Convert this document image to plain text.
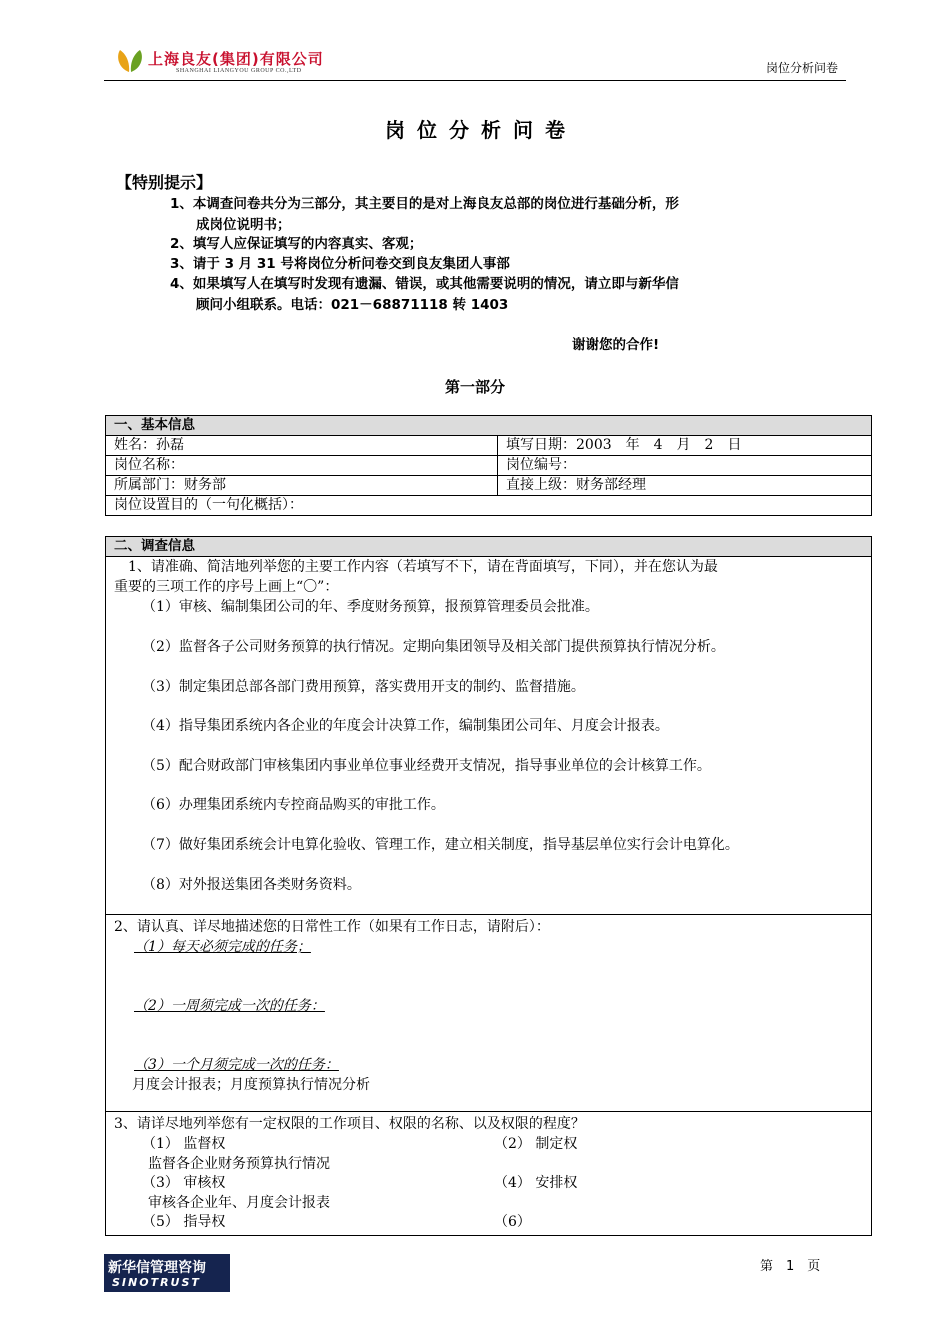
上海良友(集团)有限公司
SHANGHAI LIANGYOU GROUP CO.,LTD	岗位分析问卷
岗位分析问卷
【特别提示】
1、本调查问卷共分为三部分，其主要目的是对上海良友总部的岗位进行基础分析，形
成岗位说明书；
2、填写人应保证填写的内容真实、客观；
3、请于 3 月 31 号将岗位分析问卷交到良友集团人事部
4、如果填写人在填写时发现有遗漏、错误，或其他需要说明的情况，请立即与新华信
顾问小组联系。电话：021－68871118 转 1403
谢谢您的合作!
第一部分
一、基本信息
姓名：孙磊	填写日期：2003　年　4　月　2　日
岗位名称：	岗位编号：
所属部门：财务部	直接上级：财务部经理
岗位设置目的（一句化概括）：
二、调查信息
　1、请准确、简洁地列举您的主要工作内容（若填写不下，请在背面填写，下同），并在您认为最
重要的三项工作的序号上画上“〇”：
（1）审核、编制集团公司的年、季度财务预算，报预算管理委员会批准。
（2）监督各子公司财务预算的执行情况。定期向集团领导及相关部门提供预算执行情况分析。
（3）制定集团总部各部门费用预算，落实费用开支的制约、监督措施。
（4）指导集团系统内各企业的年度会计决算工作，编制集团公司年、月度会计报表。
（5）配合财政部门审核集团内事业单位事业经费开支情况，指导事业单位的会计核算工作。
（6）办理集团系统内专控商品购买的审批工作。
（7）做好集团系统会计电算化验收、管理工作，建立相关制度，指导基层单位实行会计电算化。
（8）对外报送集团各类财务资料。
2、请认真、详尽地描述您的日常性工作（如果有工作日志，请附后）：
（1）每天必须完成的任务；
（2）一周须完成一次的任务：
（3）一个月须完成一次的任务：
月度会计报表；月度预算执行情况分析
3、请详尽地列举您有一定权限的工作项目、权限的名称、以及权限的程度？
（1） 监督权	（2） 制定权
监督各企业财务预算执行情况
（3） 审核权	（4） 安排权
审核各企业年、月度会计报表
（5） 指导权	（6）
新华信管理咨询
SINOTRUST
第　1　页
